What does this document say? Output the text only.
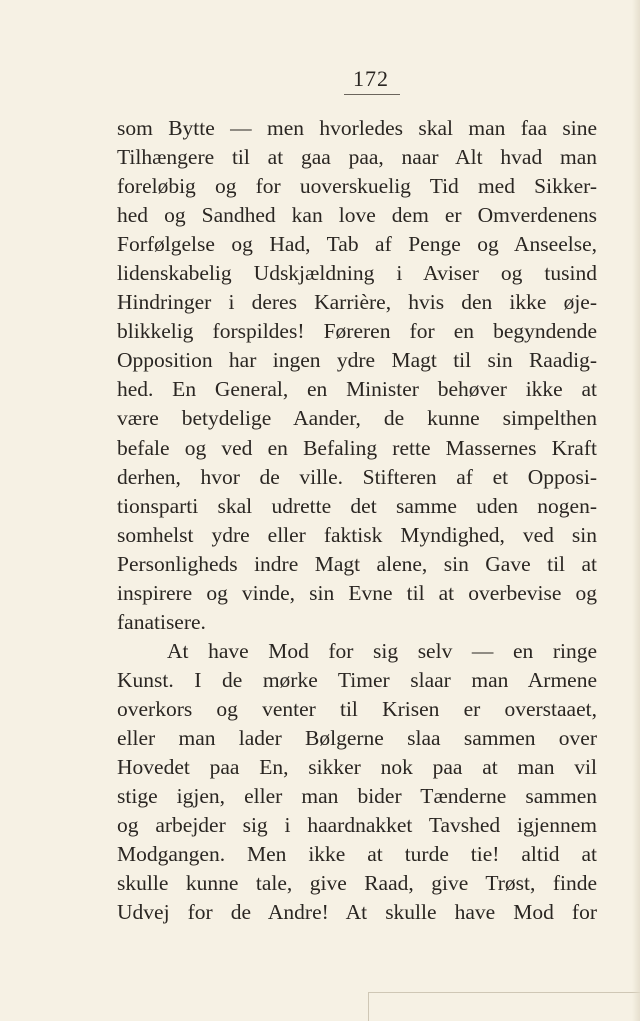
172
som Bytte — men hvorledes skal man faa sine
Tilhængere til at gaa paa, naar Alt hvad man
foreløbig og for uoverskuelig Tid med Sikker-
hed og Sandhed kan love dem er Omverdenens
Forfølgelse og Had, Tab af Penge og Anseelse,
lidenskabelig Udskjældning i Aviser og tusind
Hindringer i deres Karrière, hvis den ikke øje-
blikkelig forspildes! Føreren for en begyndende
Opposition har ingen ydre Magt til sin Raadig-
hed. En General, en Minister behøver ikke at
være betydelige Aander, de kunne simpelthen
befale og ved en Befaling rette Massernes Kraft
derhen, hvor de ville. Stifteren af et Opposi-
tionsparti skal udrette det samme uden nogen-
somhelst ydre eller faktisk Myndighed, ved sin
Personligheds indre Magt alene, sin Gave til at
inspirere og vinde, sin Evne til at overbevise og
fanatisere.
At have Mod for sig selv — en ringe
Kunst. I de mørke Timer slaar man Armene
overkors og venter til Krisen er overstaaet,
eller man lader Bølgerne slaa sammen over
Hovedet paa En, sikker nok paa at man vil
stige igjen, eller man bider Tænderne sammen
og arbejder sig i haardnakket Tavshed igjennem
Modgangen. Men ikke at turde tie! altid at
skulle kunne tale, give Raad, give Trøst, finde
Udvej for de Andre! At skulle have Mod for
